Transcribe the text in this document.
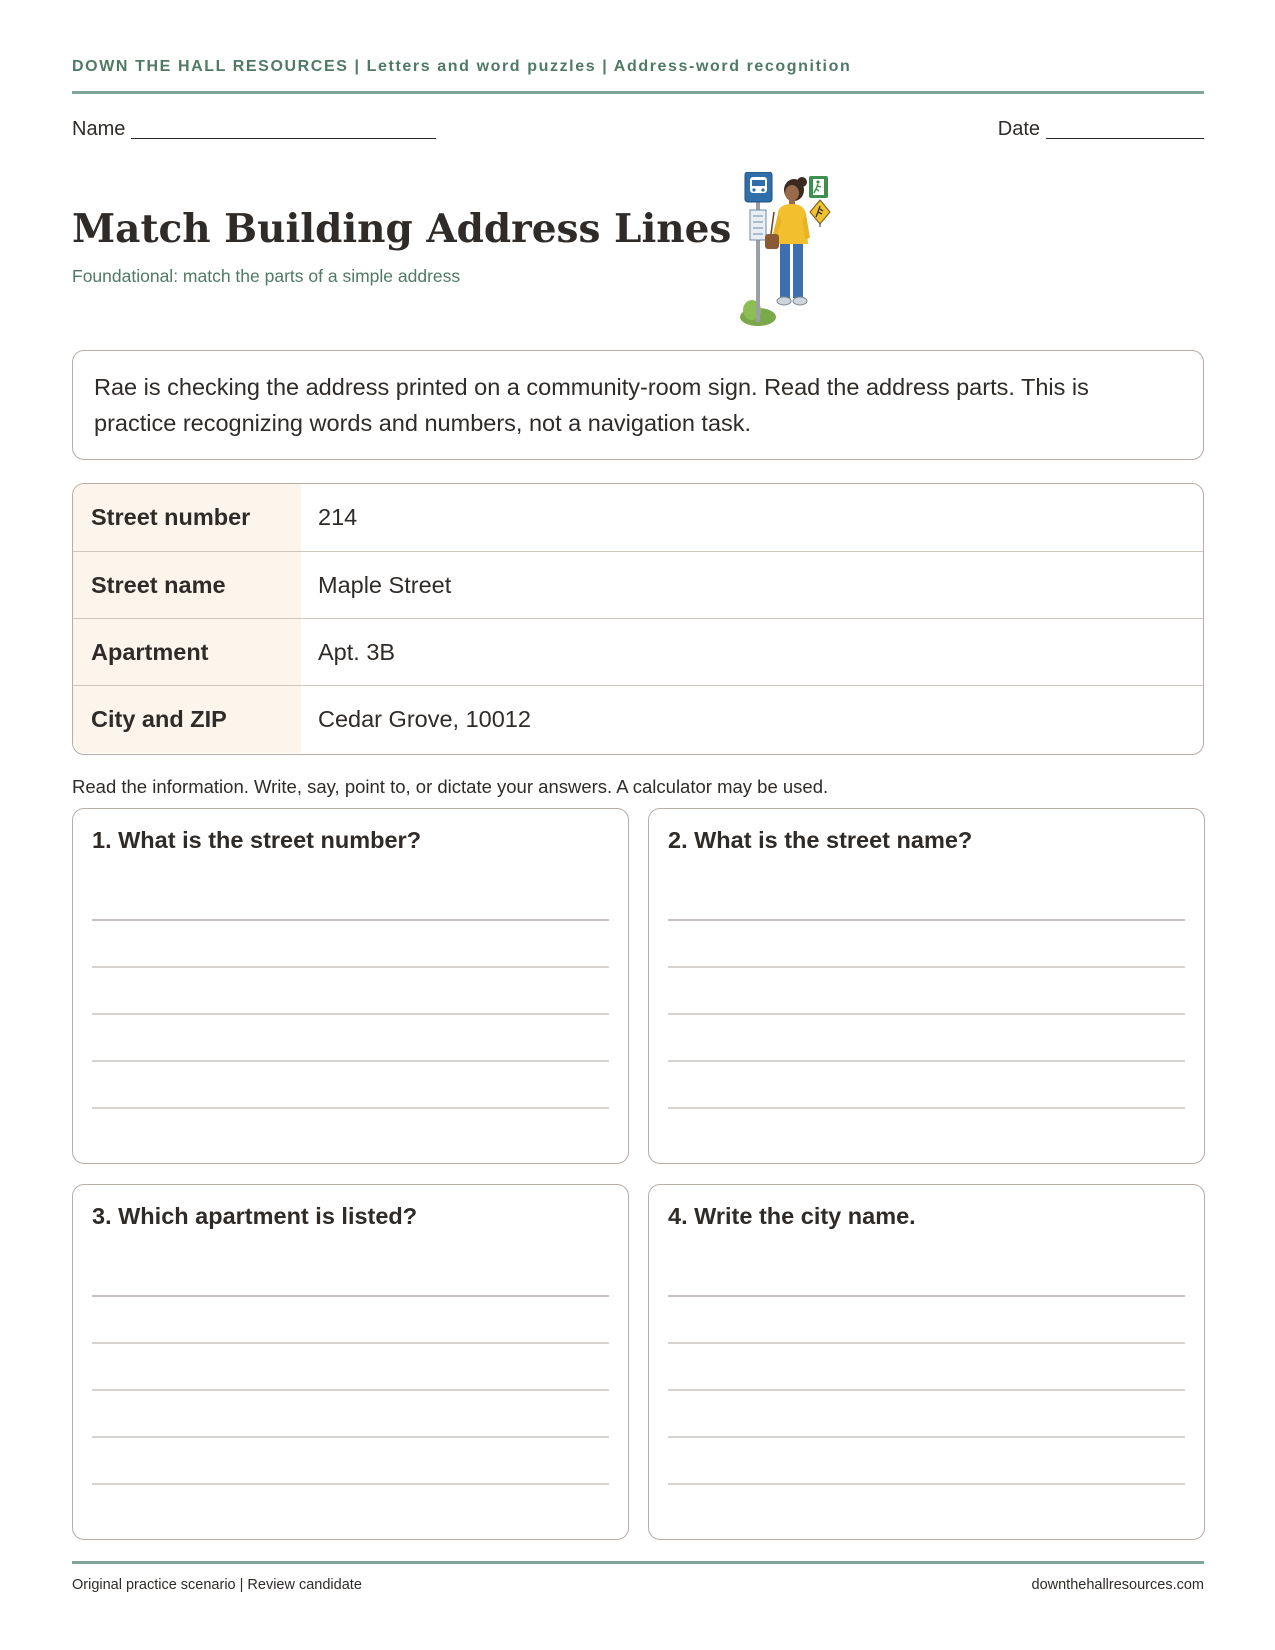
DOWN THE HALL RESOURCES | Letters and word puzzles | Address-word recognition
Name	Date
Match Building Address Lines
Foundational: match the parts of a simple address
Rae is checking the address printed on a community-room sign. Read the address parts. This is practice recognizing words and numbers, not a navigation task.
Street number	214
Street name	Maple Street
Apartment	Apt. 3B
City and ZIP	Cedar Grove, 10012
Read the information. Write, say, point to, or dictate your answers. A calculator may be used.
1. What is the street number?	2. What is the street name?
3. Which apartment is listed?	4. Write the city name.
Original practice scenario | Review candidate	downthehallresources.com
